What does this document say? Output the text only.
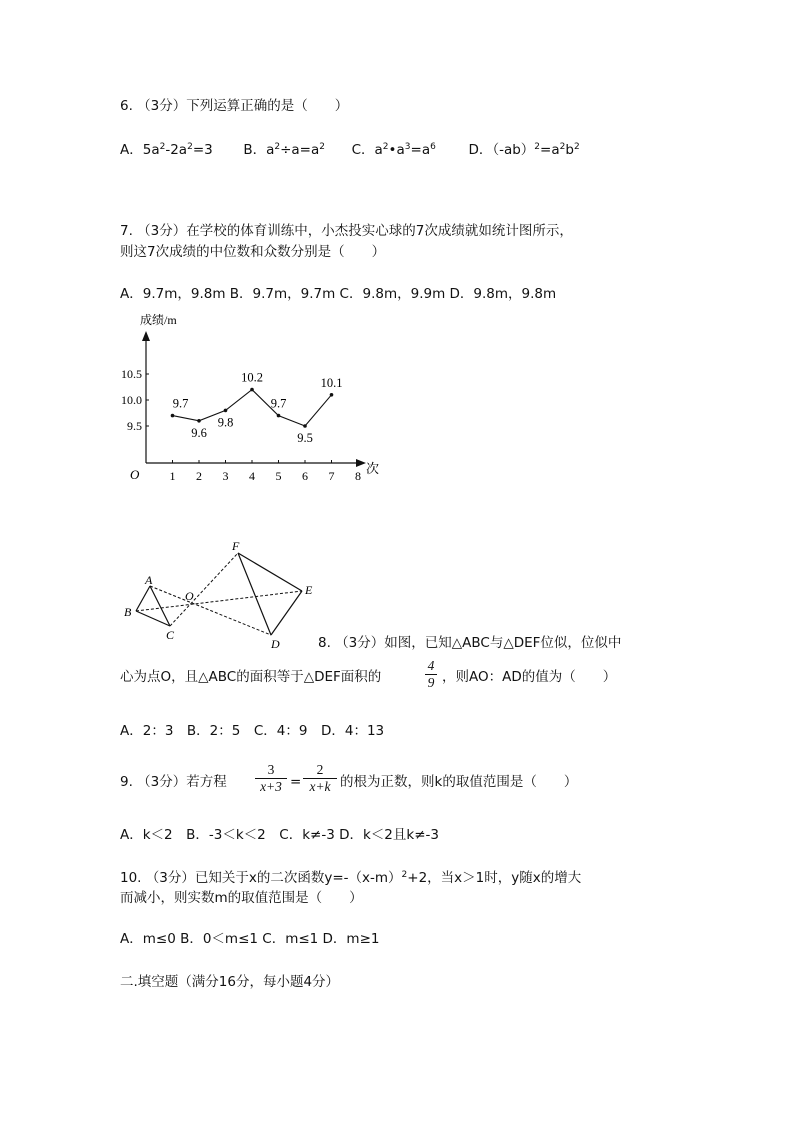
6. （3分）下列运算正确的是（　　）
A．$5a^2-2a^2=3$ B．$a^2\div a=a^2$ C．$a^2•a^3=a^6$ D．$(-ab)^2=a^2b^2$
7. （3分）在学校的体育训练中，小杰投实心球的7次成绩就如统计图所示，
则这7次成绩的中位数和众数分别是（　　）
A．9.7m，9.8m B．9.7m，9.7m C．9.8m，9.9m D．9.8m，9.8m
成绩/m
次
O	1 2 3 4 5 6 7 8
9.5
10.0
10.5
9.7
9.6
9.8
10.2
9.7
9.5
10.1
A
B
C
O
F
E
D	8. （3分）如图，已知△ABC与△DEF位似，位似中
心为点O，且△ABC的面积等于△DEF面积的
4
9 ，则AO：AD的值为（　　）
A．2：3　B．2：5　C．4：9　D．4：13
9. （3分）若方程
3
x+3 =
2
x+k 的根为正数，则k的取值范围是（　　）
A．k＜2　B．-3＜k＜2　C．k≠-3 D．k＜2且k≠-3
10. （3分）已知关于x的二次函数$y=-(x-m)^2+2$，当x＞1时，y随x的增大
而减小，则实数m的取值范围是（　　）
A．m≤0 B．0＜m≤1 C．m≤1 D．m≥1
二.填空题（满分16分，每小题4分）
